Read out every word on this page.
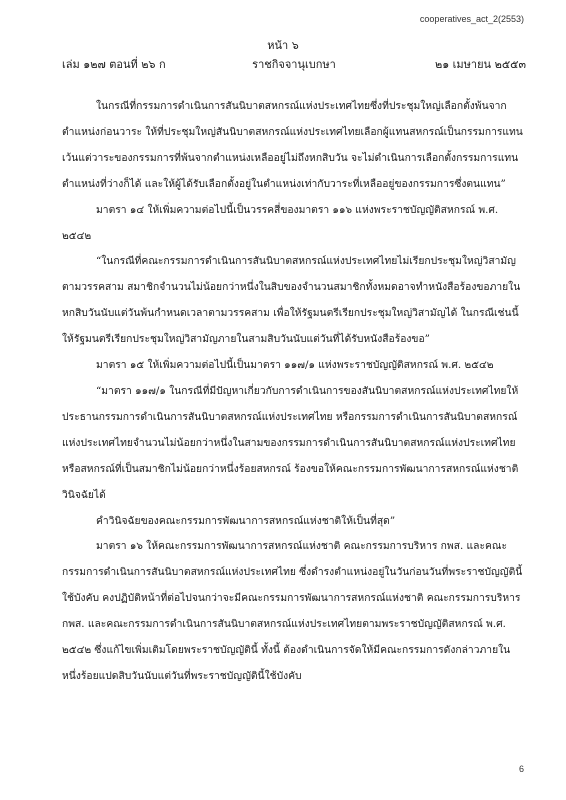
cooperatives_act_2(2553)
หน้า ๖
เล่ม ๑๒๗ ตอนที่ ๒๖ ก	ราชกิจจานุเบกษา	๒๑ เมษายน ๒๕๕๓

ในกรณีที่กรรมการดำเนินการสันนิบาตสหกรณ์แห่งประเทศไทยซึ่งที่ประชุมใหญ่เลือกตั้งพ้นจากตำแหน่งก่อนวาระ ให้ที่ประชุมใหญ่สันนิบาตสหกรณ์แห่งประเทศไทยเลือกผู้แทนสหกรณ์เป็นกรรมการแทน เว้นแต่วาระของกรรมการที่พ้นจากตำแหน่งเหลืออยู่ไม่ถึงหกสิบวัน จะไม่ดำเนินการเลือกตั้งกรรมการแทนตำแหน่งที่ว่างก็ได้ และให้ผู้ได้รับเลือกตั้งอยู่ในตำแหน่งเท่ากับวาระที่เหลืออยู่ของกรรมการซึ่งตนแทน”

มาตรา ๑๔ ให้เพิ่มความต่อไปนี้เป็นวรรคสี่ของมาตรา ๑๑๖ แห่งพระราชบัญญัติสหกรณ์ พ.ศ. ๒๕๔๒

“ในกรณีที่คณะกรรมการดำเนินการสันนิบาตสหกรณ์แห่งประเทศไทยไม่เรียกประชุมใหญ่วิสามัญตามวรรคสาม สมาชิกจำนวนไม่น้อยกว่าหนึ่งในสิบของจำนวนสมาชิกทั้งหมดอาจทำหนังสือร้องขอภายในหกสิบวันนับแต่วันพ้นกำหนดเวลาตามวรรคสาม เพื่อให้รัฐมนตรีเรียกประชุมใหญ่วิสามัญได้ ในกรณีเช่นนี้ให้รัฐมนตรีเรียกประชุมใหญ่วิสามัญภายในสามสิบวันนับแต่วันที่ได้รับหนังสือร้องขอ”

มาตรา ๑๕ ให้เพิ่มความต่อไปนี้เป็นมาตรา ๑๑๗/๑ แห่งพระราชบัญญัติสหกรณ์ พ.ศ. ๒๕๔๒

“มาตรา ๑๑๗/๑ ในกรณีที่มีปัญหาเกี่ยวกับการดำเนินการของสันนิบาตสหกรณ์แห่งประเทศไทยให้ประธานกรรมการดำเนินการสันนิบาตสหกรณ์แห่งประเทศไทย หรือกรรมการดำเนินการสันนิบาตสหกรณ์แห่งประเทศไทยจำนวนไม่น้อยกว่าหนึ่งในสามของกรรมการดำเนินการสันนิบาตสหกรณ์แห่งประเทศไทย หรือสหกรณ์ที่เป็นสมาชิกไม่น้อยกว่าหนึ่งร้อยสหกรณ์ ร้องขอให้คณะกรรมการพัฒนาการสหกรณ์แห่งชาติวินิจฉัยได้

คำวินิจฉัยของคณะกรรมการพัฒนาการสหกรณ์แห่งชาติให้เป็นที่สุด”

มาตรา ๑๖ ให้คณะกรรมการพัฒนาการสหกรณ์แห่งชาติ คณะกรรมการบริหาร กพส. และคณะกรรมการดำเนินการสันนิบาตสหกรณ์แห่งประเทศไทย ซึ่งดำรงตำแหน่งอยู่ในวันก่อนวันที่พระราชบัญญัตินี้ใช้บังคับ คงปฏิบัติหน้าที่ต่อไปจนกว่าจะมีคณะกรรมการพัฒนาการสหกรณ์แห่งชาติ คณะกรรมการบริหาร กพส. และคณะกรรมการดำเนินการสันนิบาตสหกรณ์แห่งประเทศไทยตามพระราชบัญญัติสหกรณ์ พ.ศ. ๒๕๔๒ ซึ่งแก้ไขเพิ่มเติมโดยพระราชบัญญัตินี้ ทั้งนี้ ต้องดำเนินการจัดให้มีคณะกรรมการดังกล่าวภายในหนึ่งร้อยแปดสิบวันนับแต่วันที่พระราชบัญญัตินี้ใช้บังคับ

6
